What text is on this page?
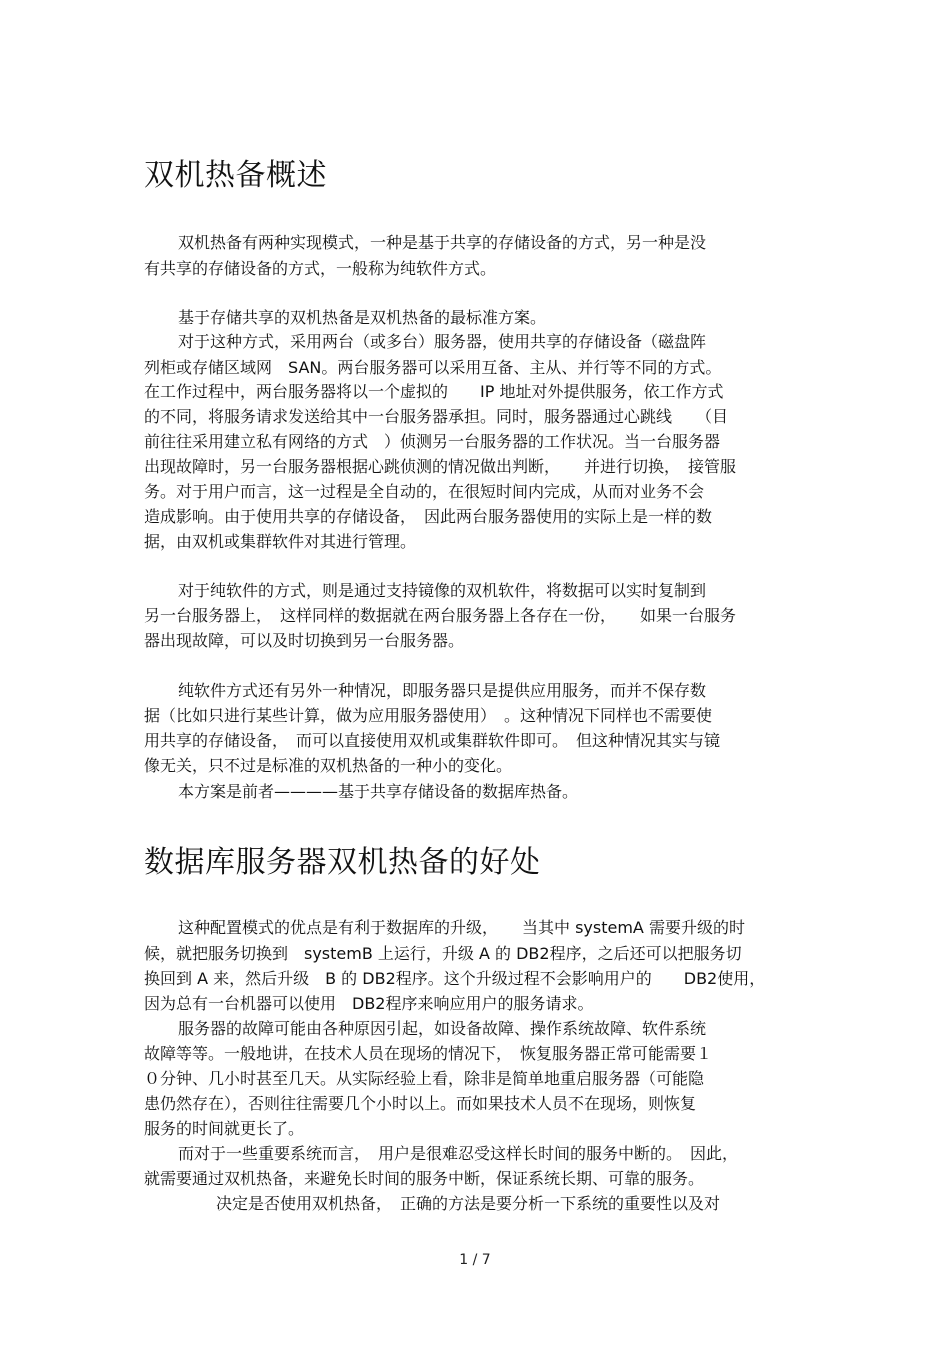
双机热备概述

双机热备有两种实现模式，一种是基于共享的存储设备的方式，另一种是没

有共享的存储设备的方式，一般称为纯软件方式。

基于存储共享的双机热备是双机热备的最标准方案。

对于这种方式，采用两台（或多台）服务器，使用共享的存储设备（磁盘阵

列柜或存储区域网　SAN。两台服务器可以采用互备、主从、并行等不同的方式。

在工作过程中，两台服务器将以一个虚拟的　　IP 地址对外提供服务，依工作方式

的不同，将服务请求发送给其中一台服务器承担。同时，服务器通过心跳线　　（目

前往往采用建立私有网络的方式　）侦测另一台服务器的工作状况。当一台服务器

出现故障时，另一台服务器根据心跳侦测的情况做出判断，　　并进行切换，　接管服

务。对于用户而言，这一过程是全自动的，在很短时间内完成，从而对业务不会

造成影响。由于使用共享的存储设备，　因此两台服务器使用的实际上是一样的数

据，由双机或集群软件对其进行管理。

对于纯软件的方式，则是通过支持镜像的双机软件，将数据可以实时复制到

另一台服务器上，　这样同样的数据就在两台服务器上各存在一份，　　如果一台服务

器出现故障，可以及时切换到另一台服务器。

纯软件方式还有另外一种情况，即服务器只是提供应用服务，而并不保存数

据（比如只进行某些计算，做为应用服务器使用）　。这种情况下同样也不需要使

用共享的存储设备，　而可以直接使用双机或集群软件即可。　但这种情况其实与镜

像无关，只不过是标准的双机热备的一种小的变化。

本方案是前者————基于共享存储设备的数据库热备。

数据库服务器双机热备的好处

这种配置模式的优点是有利于数据库的升级，　　当其中 systemA 需要升级的时

候，就把服务切换到　systemB 上运行，升级 A 的 DB2程序，之后还可以把服务切

换回到 A 来，然后升级　B 的 DB2程序。这个升级过程不会影响用户的　　DB2使用，

因为总有一台机器可以使用　DB2程序来响应用户的服务请求。

服务器的故障可能由各种原因引起，如设备故障、操作系统故障、软件系统

故障等等。一般地讲，在技术人员在现场的情况下，　恢复服务器正常可能需要１

０分钟、几小时甚至几天。从实际经验上看，除非是简单地重启服务器（可能隐

患仍然存在），否则往往需要几个小时以上。而如果技术人员不在现场，则恢复

服务的时间就更长了。

而对于一些重要系统而言，　用户是很难忍受这样长时间的服务中断的。　因此，

就需要通过双机热备，来避免长时间的服务中断，保证系统长期、可靠的服务。

决定是否使用双机热备，　正确的方法是要分析一下系统的重要性以及对

1 / 7
